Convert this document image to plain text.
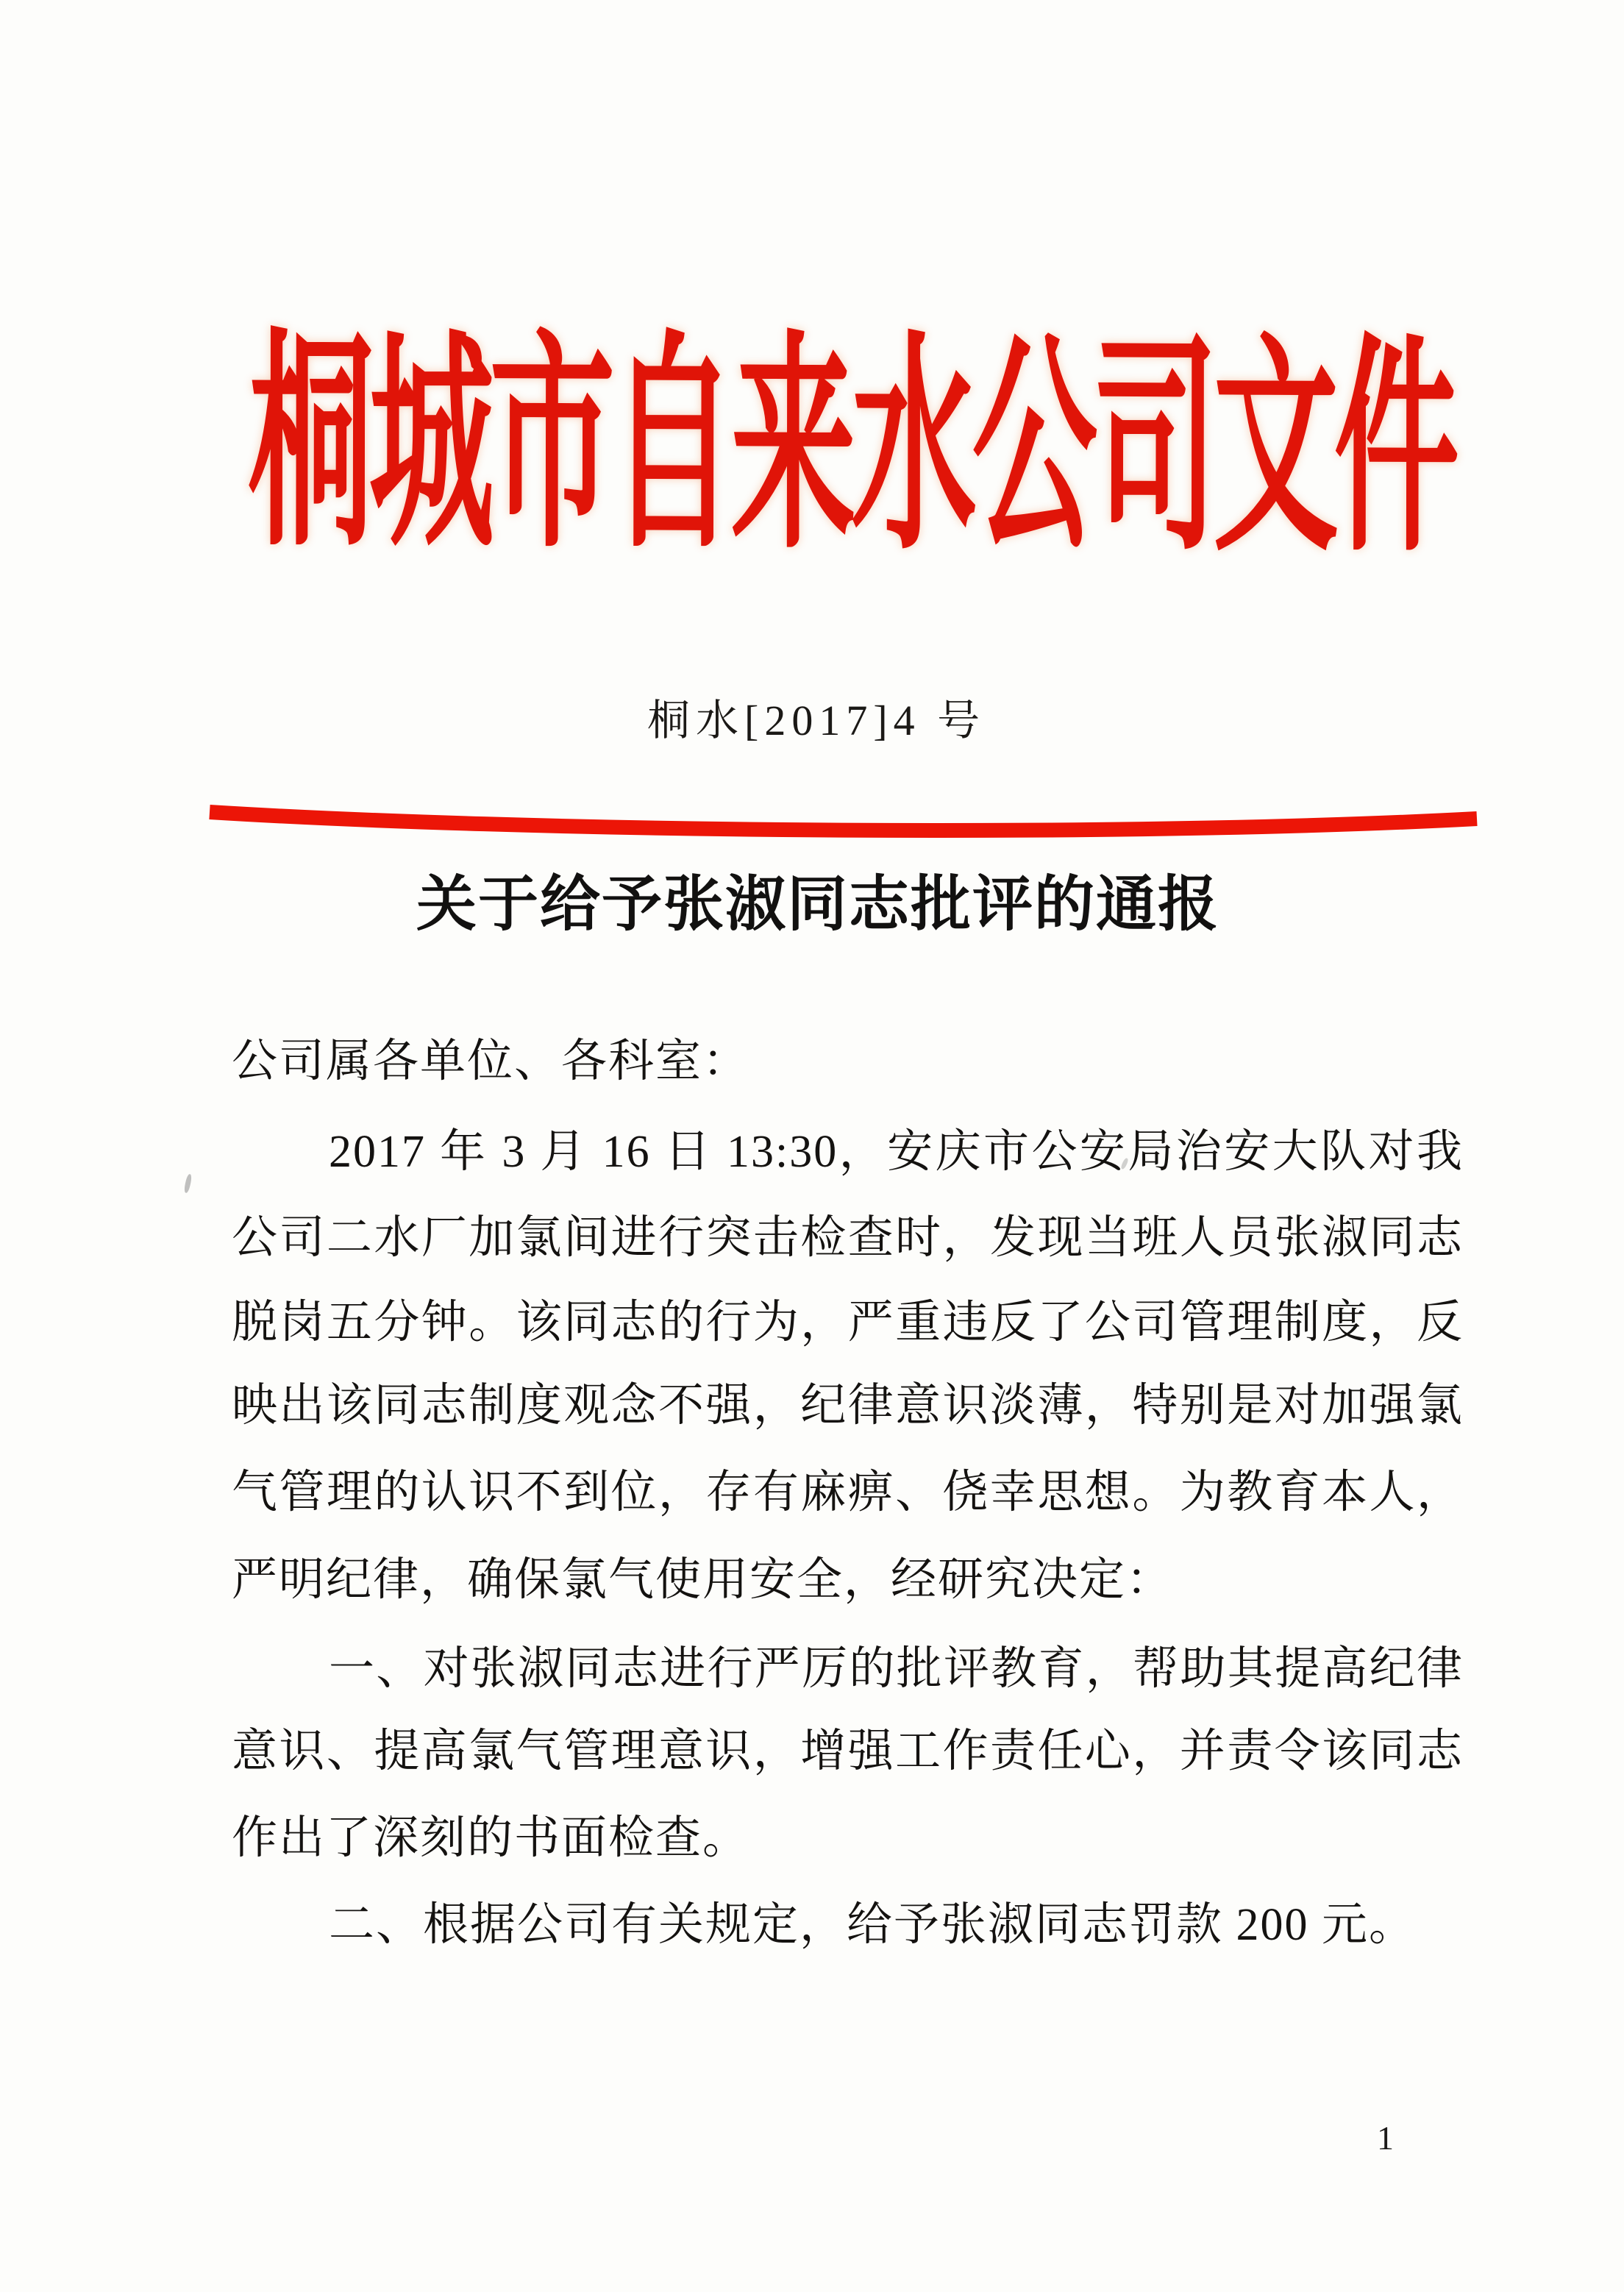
桐城市自来水公司文件
桐水[2017]4 号
关于给予张淑同志批评的通报
公司属各单位、各科室：
2017 年 3 月 16 日 13:30，安庆市公安局治安大队对我
公司二水厂加氯间进行突击检查时，发现当班人员张淑同志
脱岗五分钟。该同志的行为，严重违反了公司管理制度，反
映出该同志制度观念不强，纪律意识淡薄，特别是对加强氯
气管理的认识不到位，存有麻痹、侥幸思想。为教育本人，
严明纪律，确保氯气使用安全，经研究决定：
一、对张淑同志进行严厉的批评教育，帮助其提高纪律
意识、提高氯气管理意识，增强工作责任心，并责令该同志
作出了深刻的书面检查。
二、根据公司有关规定，给予张淑同志罚款 200 元。
1
